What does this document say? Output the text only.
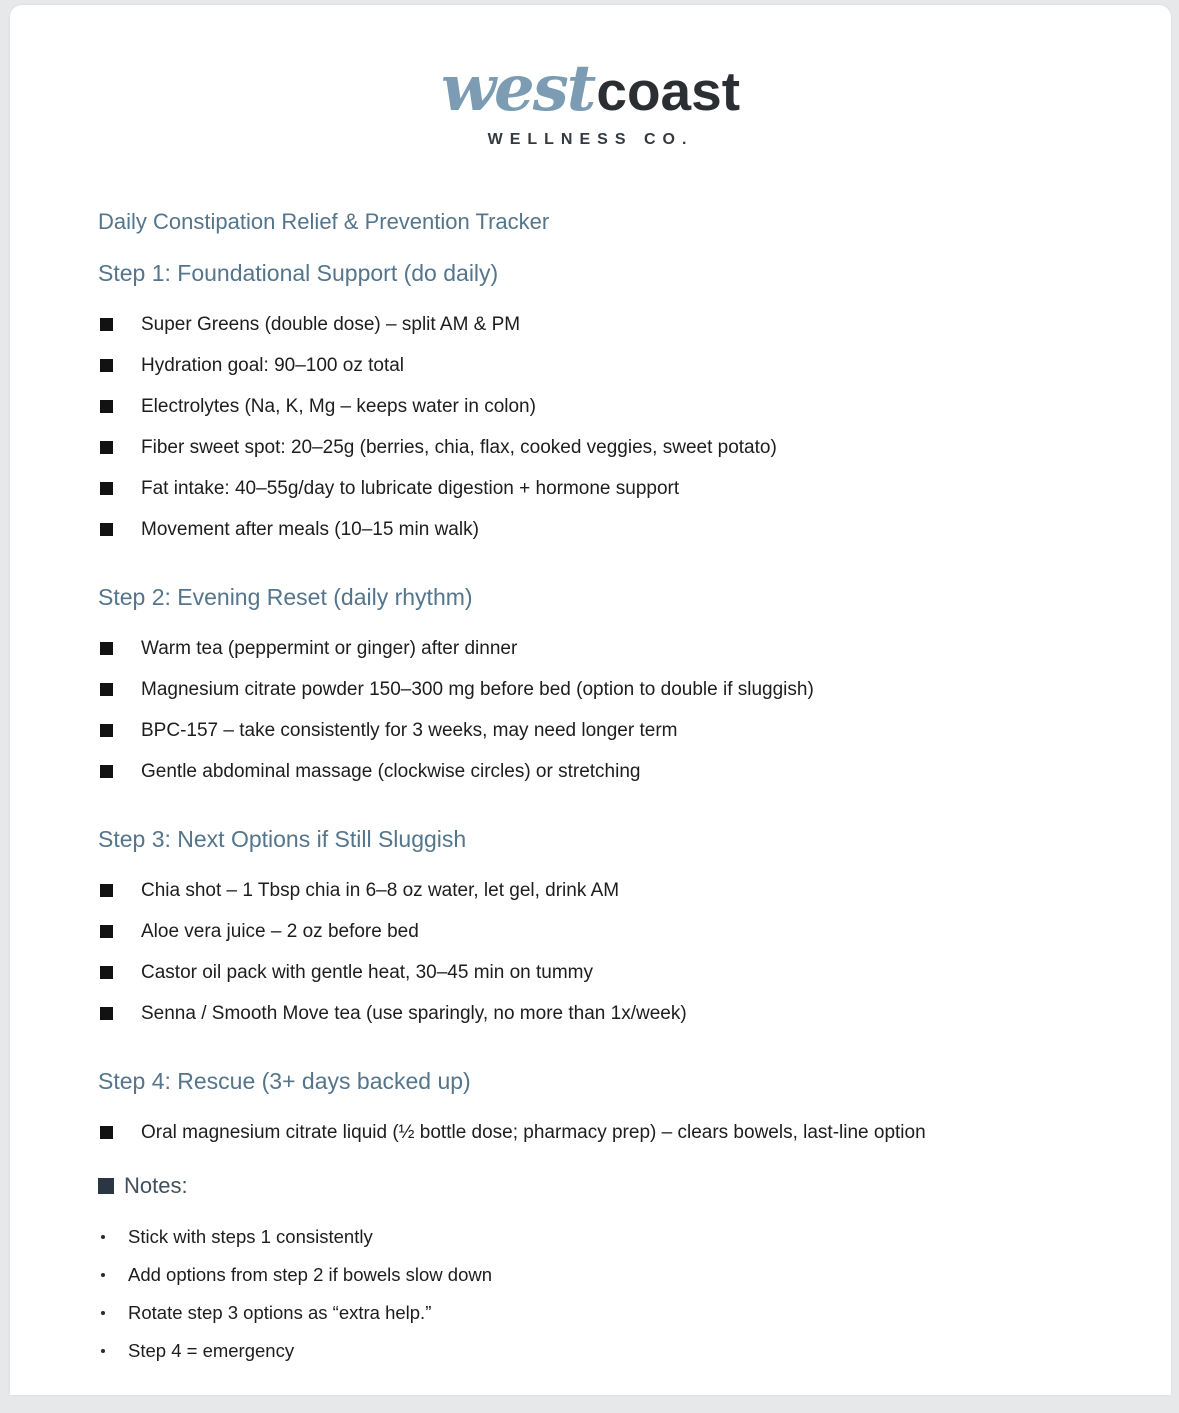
westcoast
WELLNESS CO.
Daily Constipation Relief & Prevention Tracker
Step 1: Foundational Support (do daily)
Super Greens (double dose) – split AM & PM
Hydration goal: 90–100 oz total
Electrolytes (Na, K, Mg – keeps water in colon)
Fiber sweet spot: 20–25g (berries, chia, flax, cooked veggies, sweet potato)
Fat intake: 40–55g/day to lubricate digestion + hormone support
Movement after meals (10–15 min walk)
Step 2: Evening Reset (daily rhythm)
Warm tea (peppermint or ginger) after dinner
Magnesium citrate powder 150–300 mg before bed (option to double if sluggish)
BPC-157 – take consistently for 3 weeks, may need longer term
Gentle abdominal massage (clockwise circles) or stretching
Step 3: Next Options if Still Sluggish
Chia shot – 1 Tbsp chia in 6–8 oz water, let gel, drink AM
Aloe vera juice – 2 oz before bed
Castor oil pack with gentle heat, 30–45 min on tummy
Senna / Smooth Move tea (use sparingly, no more than 1x/week)
Step 4: Rescue (3+ days backed up)
Oral magnesium citrate liquid (½ bottle dose; pharmacy prep) – clears bowels, last-line option
Notes:
Stick with steps 1 consistently
Add options from step 2 if bowels slow down
Rotate step 3 options as “extra help.”
Step 4 = emergency
